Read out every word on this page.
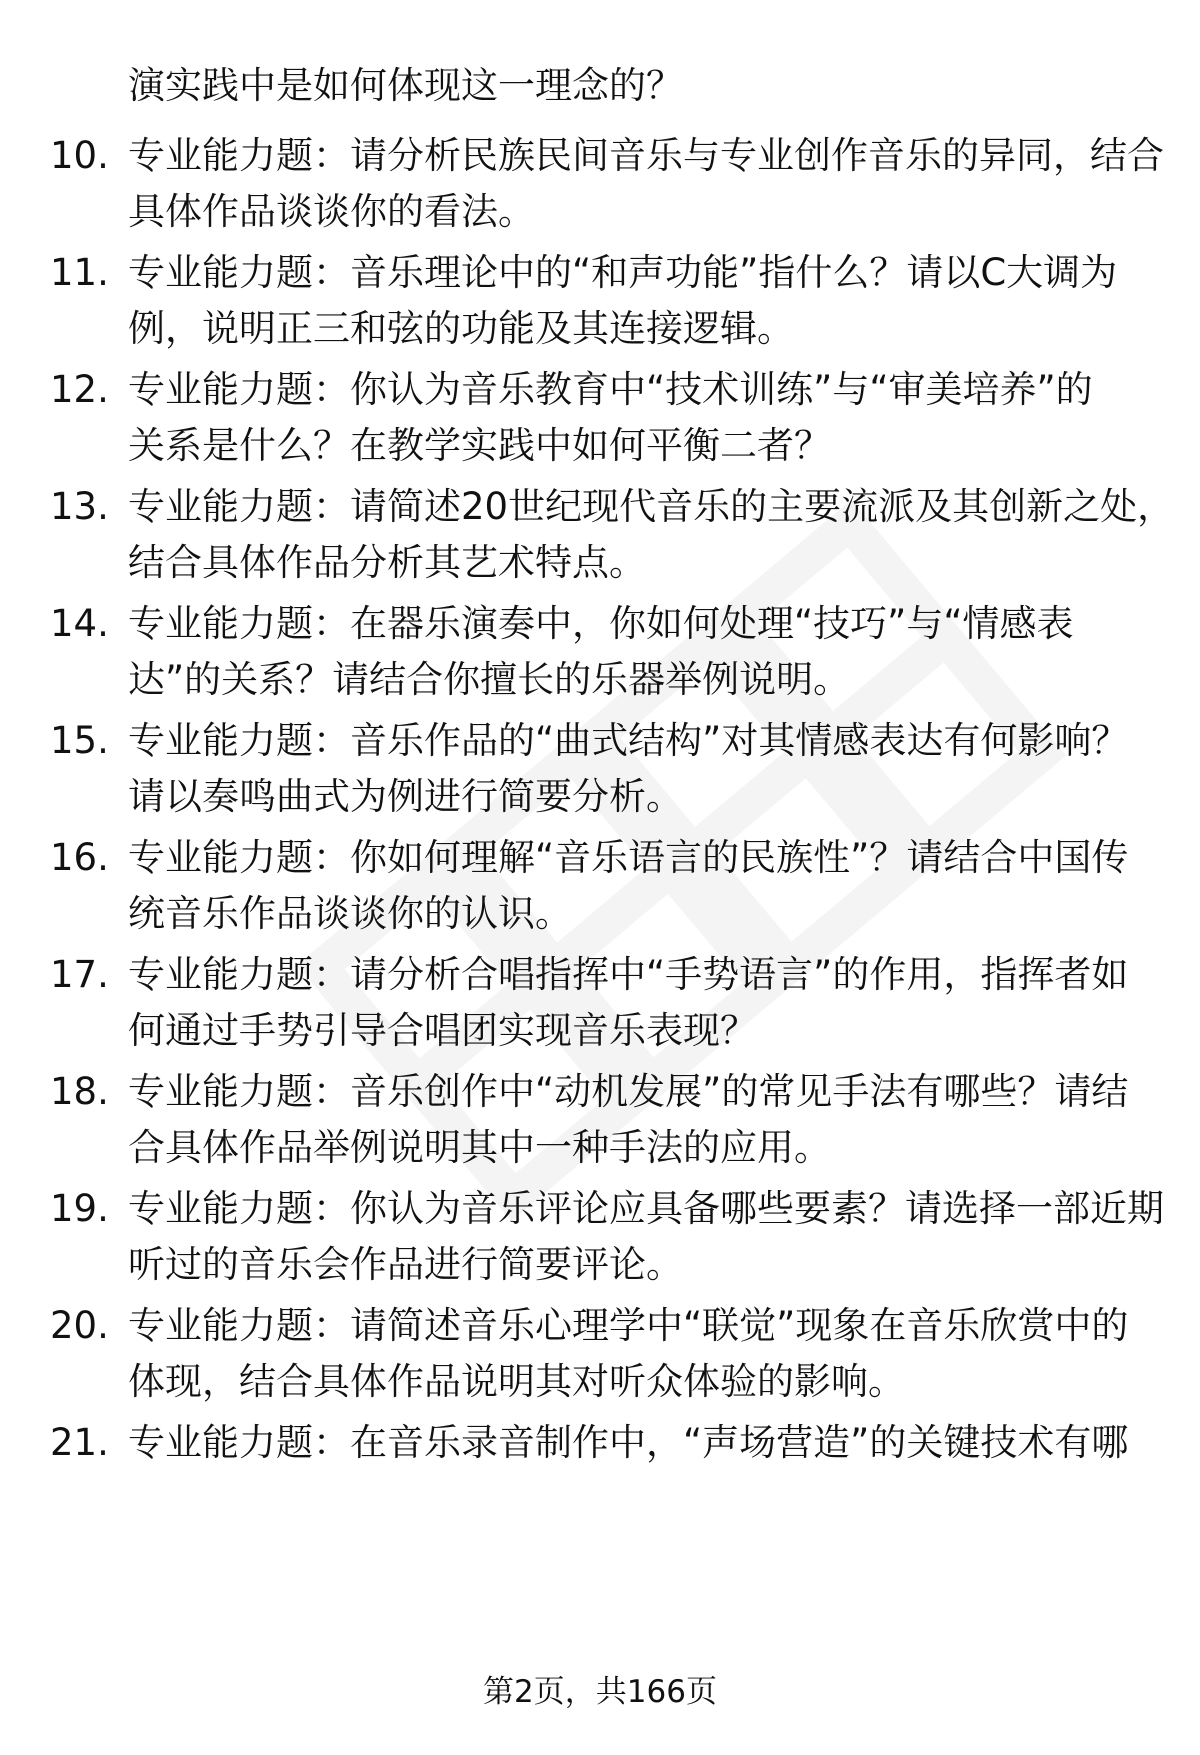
演实践中是如何体现这一理念的？
10. 专业能力题：请分析民族民间音乐与专业创作音乐的异同，结合
具体作品谈谈你的看法。
11. 专业能力题：音乐理论中的“和声功能”指什么？请以C大调为
例，说明正三和弦的功能及其连接逻辑。
12. 专业能力题：你认为音乐教育中“技术训练”与“审美培养”的
关系是什么？在教学实践中如何平衡二者？
13. 专业能力题：请简述20世纪现代音乐的主要流派及其创新之处，
结合具体作品分析其艺术特点。
14. 专业能力题：在器乐演奏中，你如何处理“技巧”与“情感表
达”的关系？请结合你擅长的乐器举例说明。
15. 专业能力题：音乐作品的“曲式结构”对其情感表达有何影响？
请以奏鸣曲式为例进行简要分析。
16. 专业能力题：你如何理解“音乐语言的民族性”？请结合中国传
统音乐作品谈谈你的认识。
17. 专业能力题：请分析合唱指挥中“手势语言”的作用，指挥者如
何通过手势引导合唱团实现音乐表现？
18. 专业能力题：音乐创作中“动机发展”的常见手法有哪些？请结
合具体作品举例说明其中一种手法的应用。
19. 专业能力题：你认为音乐评论应具备哪些要素？请选择一部近期
听过的音乐会作品进行简要评论。
20. 专业能力题：请简述音乐心理学中“联觉”现象在音乐欣赏中的
体现，结合具体作品说明其对听众体验的影响。
21. 专业能力题：在音乐录音制作中，“声场营造”的关键技术有哪
第2页，共166页
